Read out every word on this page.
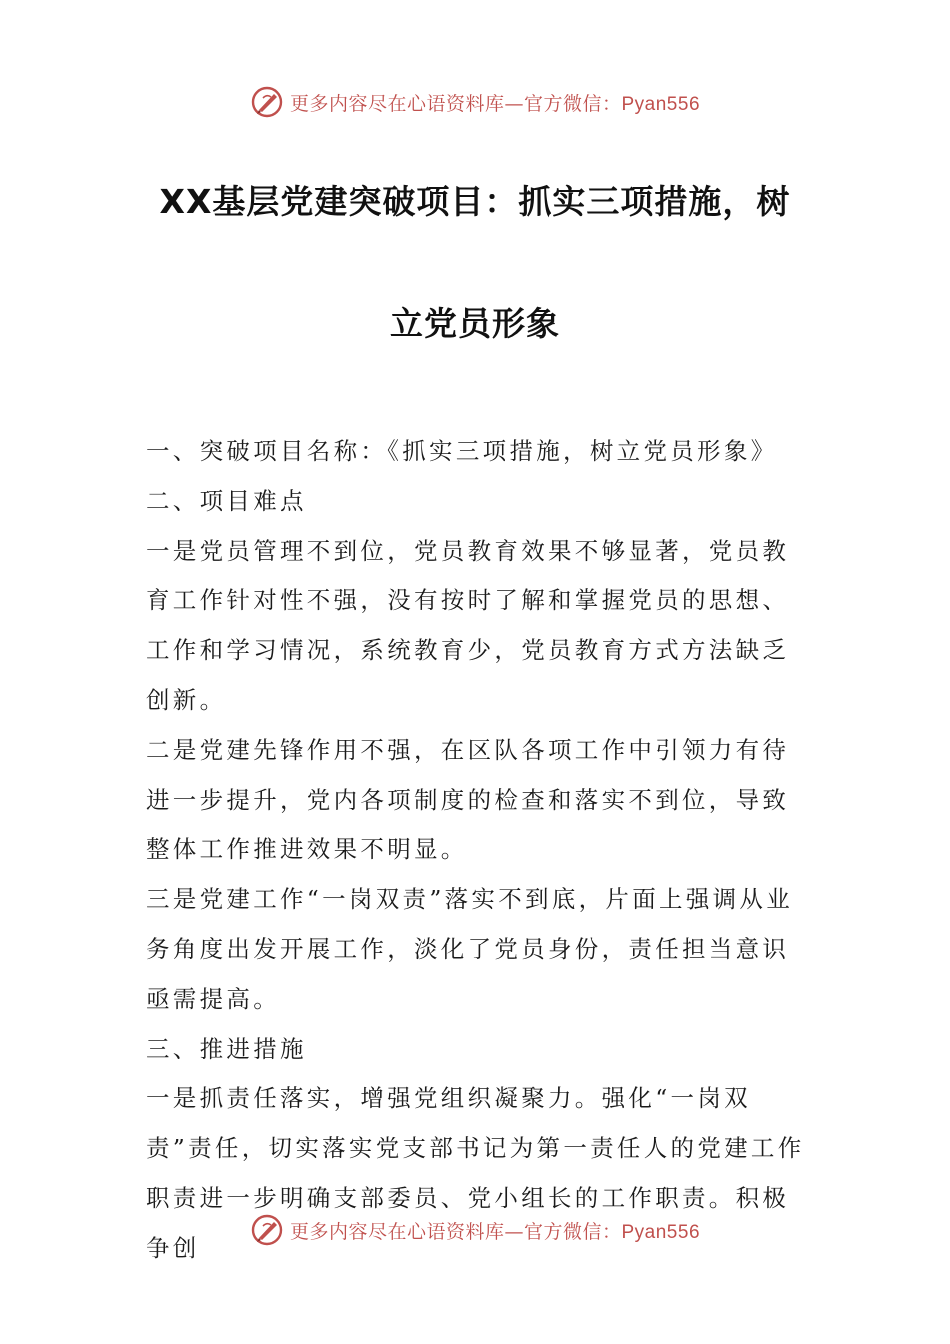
更多内容尽在心语资料库—官方微信：Pyan556
XX基层党建突破项目：抓实三项措施，树
立党员形象

一、突破项目名称：《抓实三项措施，树立党员形象》

二、项目难点

一是党员管理不到位，党员教育效果不够显著，党员教育工作针对性不强，没有按时了解和掌握党员的思想、工作和学习情况，系统教育少，党员教育方式方法缺乏创新。

二是党建先锋作用不强，在区队各项工作中引领力有待进一步提升，党内各项制度的检查和落实不到位，导致整体工作推进效果不明显。

三是党建工作“一岗双责”落实不到底，片面上强调从业务角度出发开展工作，淡化了党员身份，责任担当意识亟需提高。

三、推进措施

一是抓责任落实，增强党组织凝聚力。强化“一岗双责”责任，切实落实党支部书记为第一责任人的党建工作职责进一步明确支部委员、党小组长的工作职责。积极争创

更多内容尽在心语资料库—官方微信：Pyan556
